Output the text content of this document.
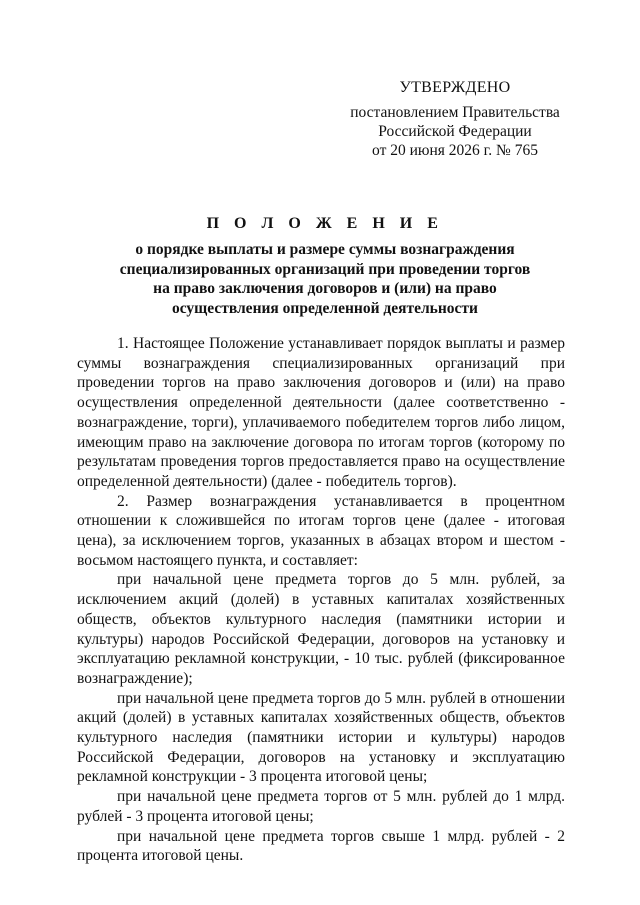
УТВЕРЖДЕНО
постановлением Правительства
Российской Федерации
от 20 июня 2026 г. № 765
П О Л О Ж Е Н И Е
о порядке выплаты и размере суммы вознаграждения
специализированных организаций при проведении торгов
на право заключения договоров и (или) на право
осуществления определенной деятельности

1. Настоящее Положение устанавливает порядок выплаты и размер суммы вознаграждения специализированных организаций при проведении торгов на право заключения договоров и (или) на право осуществления определенной деятельности (далее соответственно - вознаграждение, торги), уплачиваемого победителем торгов либо лицом, имеющим право на заключение договора по итогам торгов (которому по результатам проведения торгов предоставляется право на осуществление определенной деятельности) (далее - победитель торгов).

2. Размер вознаграждения устанавливается в процентном отношении к сложившейся по итогам торгов цене (далее - итоговая цена), за исключением торгов, указанных в абзацах втором и шестом - восьмом настоящего пункта, и составляет:

при начальной цене предмета торгов до 5 млн. рублей, за исключением акций (долей) в уставных капиталах хозяйственных обществ, объектов культурного наследия (памятники истории и культуры) народов Российской Федерации, договоров на установку и эксплуатацию рекламной конструкции, - 10 тыс. рублей (фиксированное вознаграждение);

при начальной цене предмета торгов до 5 млн. рублей в отношении акций (долей) в уставных капиталах хозяйственных обществ, объектов культурного наследия (памятники истории и культуры) народов Российской Федерации, договоров на установку и эксплуатацию рекламной конструкции - 3 процента итоговой цены;

при начальной цене предмета торгов от 5 млн. рублей до 1 млрд. рублей - 3 процента итоговой цены;

при начальной цене предмета торгов свыше 1 млрд. рублей - 2 процента итоговой цены.
